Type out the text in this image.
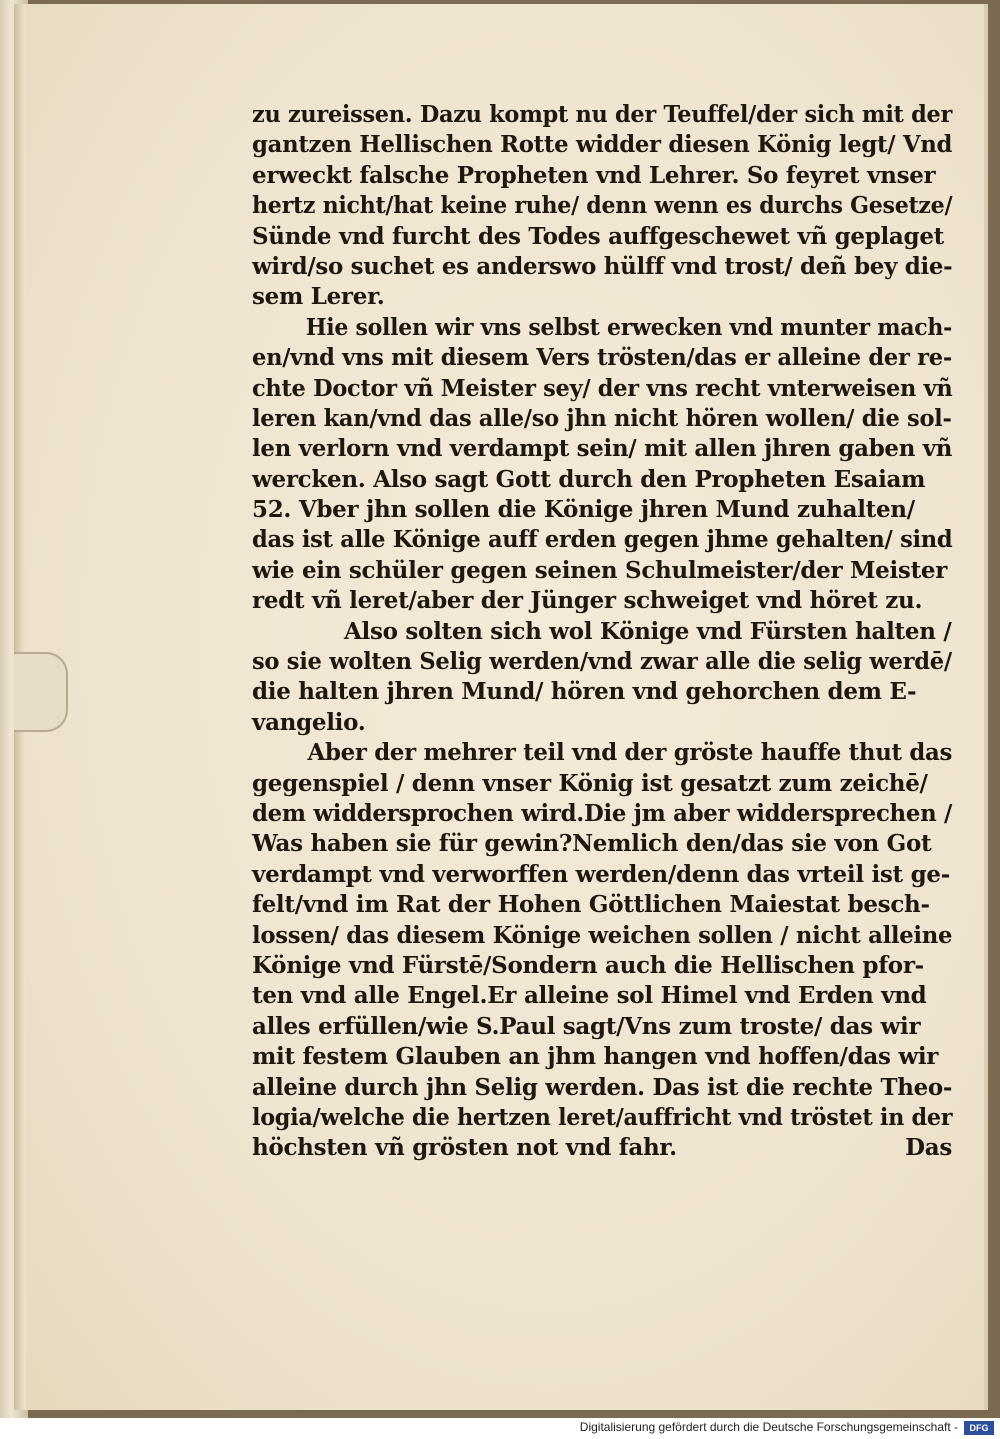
zu zureissen. Dazu kompt nu der Teuffel/der sich mit der
gantzen Hellischen Rotte widder diesen König legt/ Vnd
erweckt falsche Propheten vnd Lehrer. So feyret vnser
hertz nicht/hat keine ruhe/ denn wenn es durchs Gesetze/
Sünde vnd furcht des Todes auffgeschewet vñ geplaget
wird/so suchet es anderswo hülff vnd trost/ deñ bey die-
sem Lerer.
Hie sollen wir vns selbst erwecken vnd munter mach-
en/vnd vns mit diesem Vers trösten/das er alleine der re-
chte Doctor vñ Meister sey/ der vns recht vnterweisen vñ
leren kan/vnd das alle/so jhn nicht hören wollen/ die sol-
len verlorn vnd verdampt sein/ mit allen jhren gaben vñ
wercken. Also sagt Gott durch den Propheten Esaiam
52. Vber jhn sollen die Könige jhren Mund zuhalten/
das ist alle Könige auff erden gegen jhme gehalten/ sind
wie ein schüler gegen seinen Schulmeister/der Meister
redt vñ leret/aber der Jünger schweiget vnd höret zu.
Also solten sich wol Könige vnd Fürsten halten /
so sie wolten Selig werden/vnd zwar alle die selig werdē/
die halten jhren Mund/ hören vnd gehorchen dem E-
vangelio.
Aber der mehrer teil vnd der gröste hauffe thut das
gegenspiel / denn vnser König ist gesatzt zum zeichē/
dem widdersprochen wird.Die jm aber widdersprechen /
Was haben sie für gewin?Nemlich den/das sie von Got
verdampt vnd verworffen werden/denn das vrteil ist ge-
felt/vnd im Rat der Hohen Göttlichen Maiestat besch-
lossen/ das diesem Könige weichen sollen / nicht alleine
Könige vnd Fürstē/Sondern auch die Hellischen pfor-
ten vnd alle Engel.Er alleine sol Himel vnd Erden vnd
alles erfüllen/wie S.Paul sagt/Vns zum troste/ das wir
mit festem Glauben an jhm hangen vnd hoffen/das wir
alleine durch jhn Selig werden. Das ist die rechte Theo-
logia/welche die hertzen leret/auffricht vnd tröstet in der
höchsten vñ grösten not vnd fahr.	Das
Digitalisierung gefördert durch die Deutsche Forschungsgemeinschaft -	DFG
